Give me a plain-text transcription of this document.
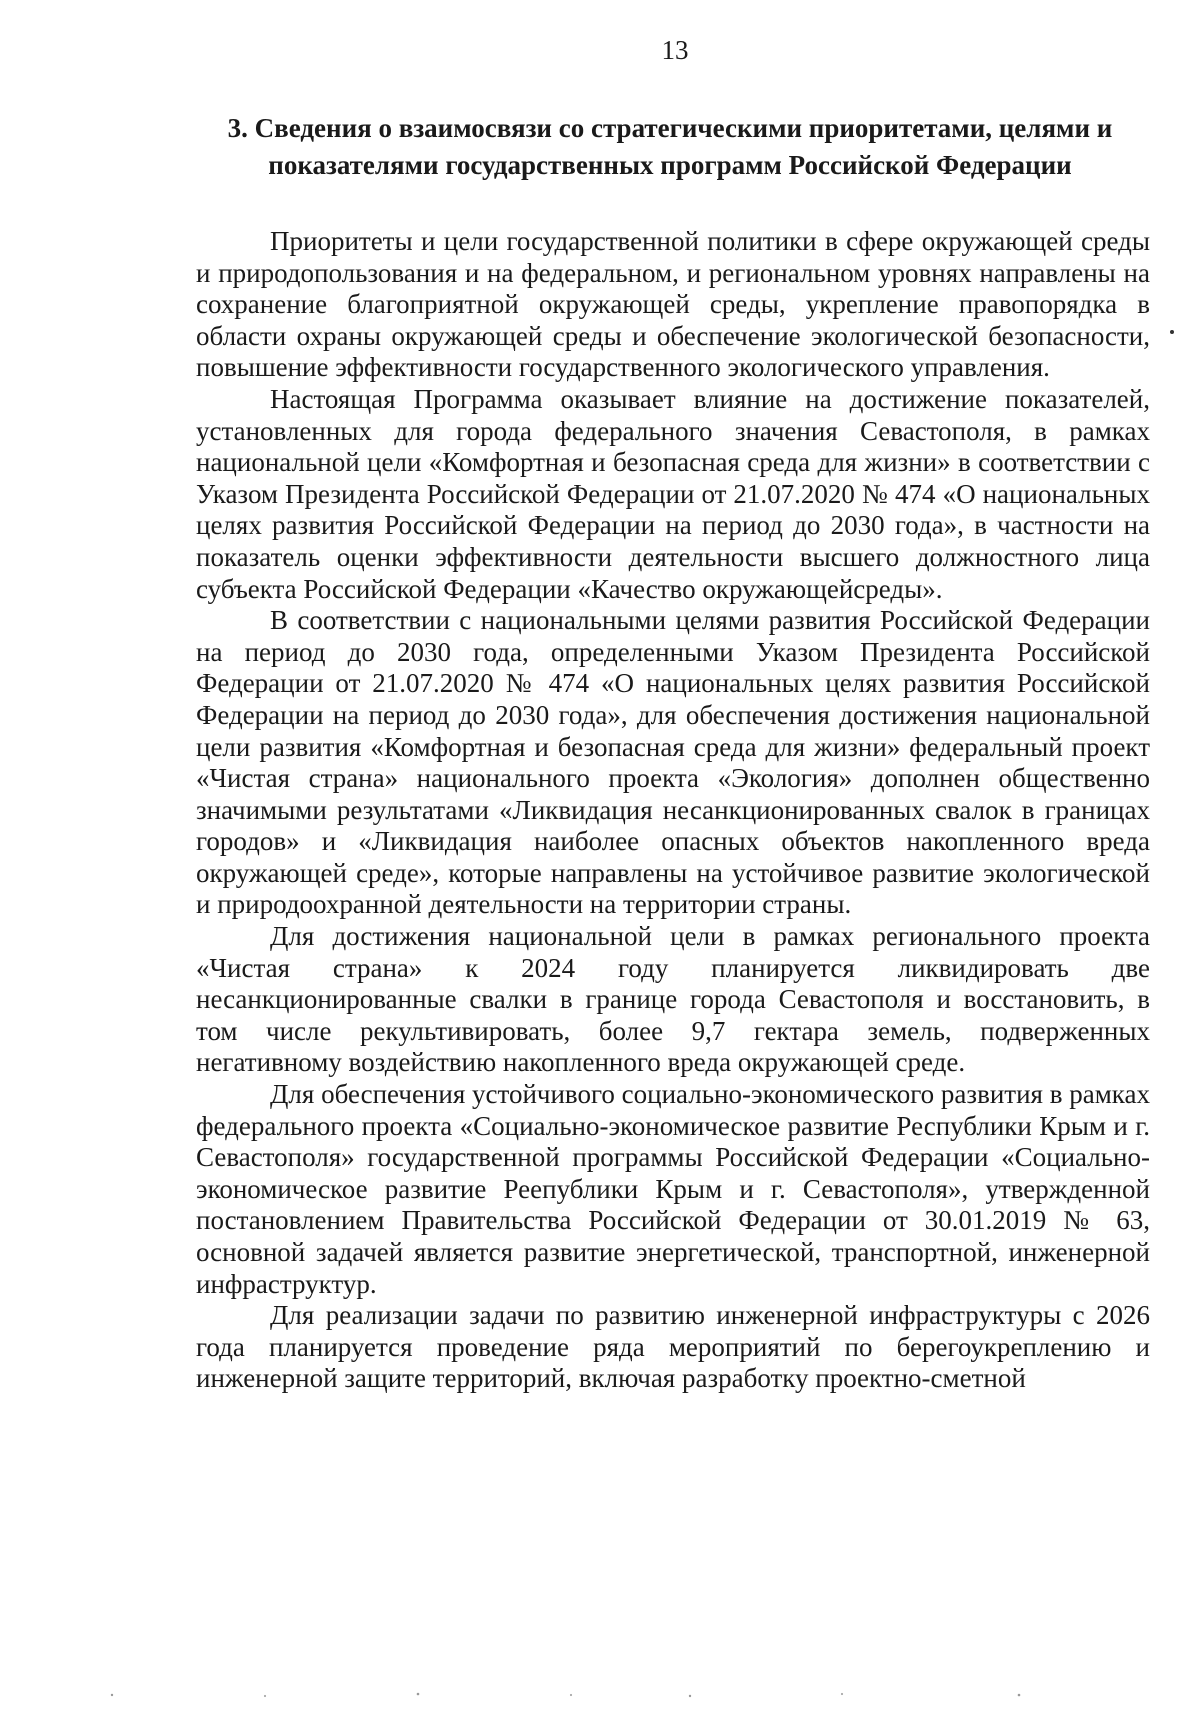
13
3. Сведения о взаимосвязи со стратегическими приоритетами, целями и показателями государственных программ Российской Федерации

Приоритеты и цели государственной политики в сфере окружающей среды и природопользования и на федеральном, и региональном уровнях направлены на сохранение благоприятной окружающей среды, укрепление правопорядка в области охраны окружающей среды и обеспечение экологической безопасности, повышение эффективности государственного экологического управления.

Настоящая Программа оказывает влияние на достижение показателей, установленных для города федерального значения Севастополя, в рамках национальной цели «Комфортная и безопасная среда для жизни» в соответствии с Указом Президента Российской Федерации от 21.07.2020 № 474 «О национальных целях развития Российской Федерации на период до 2030 года», в частности на показатель оценки эффективности деятельности высшего должностного лица субъекта Российской Федерации «Качество окружающейсреды».

В соответствии с национальными целями развития Российской Федерации на период до 2030 года, определенными Указом Президента Российской Федерации от 21.07.2020 № 474 «О национальных целях развития Российской Федерации на период до 2030 года», для обеспечения достижения национальной цели развития «Комфортная и безопасная среда для жизни» федеральный проект «Чистая страна» национального проекта «Экология» дополнен общественно значимыми результатами «Ликвидация несанкционированных свалок в границах городов» и «Ликвидация наиболее опасных объектов накопленного вреда окружающей среде», которые направлены на устойчивое развитие экологической и природоохранной деятельности на территории страны.

Для достижения национальной цели в рамках регионального проекта «Чистая страна» к 2024 году планируется ликвидировать две несанкционированные свалки в границе города Севастополя и восстановить, в том числе рекультивировать, более 9,7 гектара земель, подверженных негативному воздействию накопленного вреда окружающей среде.

Для обеспечения устойчивого социально-экономического развития в рамках федерального проекта «Социально-экономическое развитие Республики Крым и г. Севастополя» государственной программы Российской Федерации «Социально-экономическое развитие Реепублики Крым и г. Севастополя», утвержденной постановлением Правительства Российской Федерации от 30.01.2019 № 63, основной задачей является развитие энергетической, транспортной, инженерной инфраструктур.

Для реализации задачи по развитию инженерной инфраструктуры с 2026 года планируется проведение ряда мероприятий по берегоукреплению и инженерной защите территорий, включая разработку проектно-сметной
